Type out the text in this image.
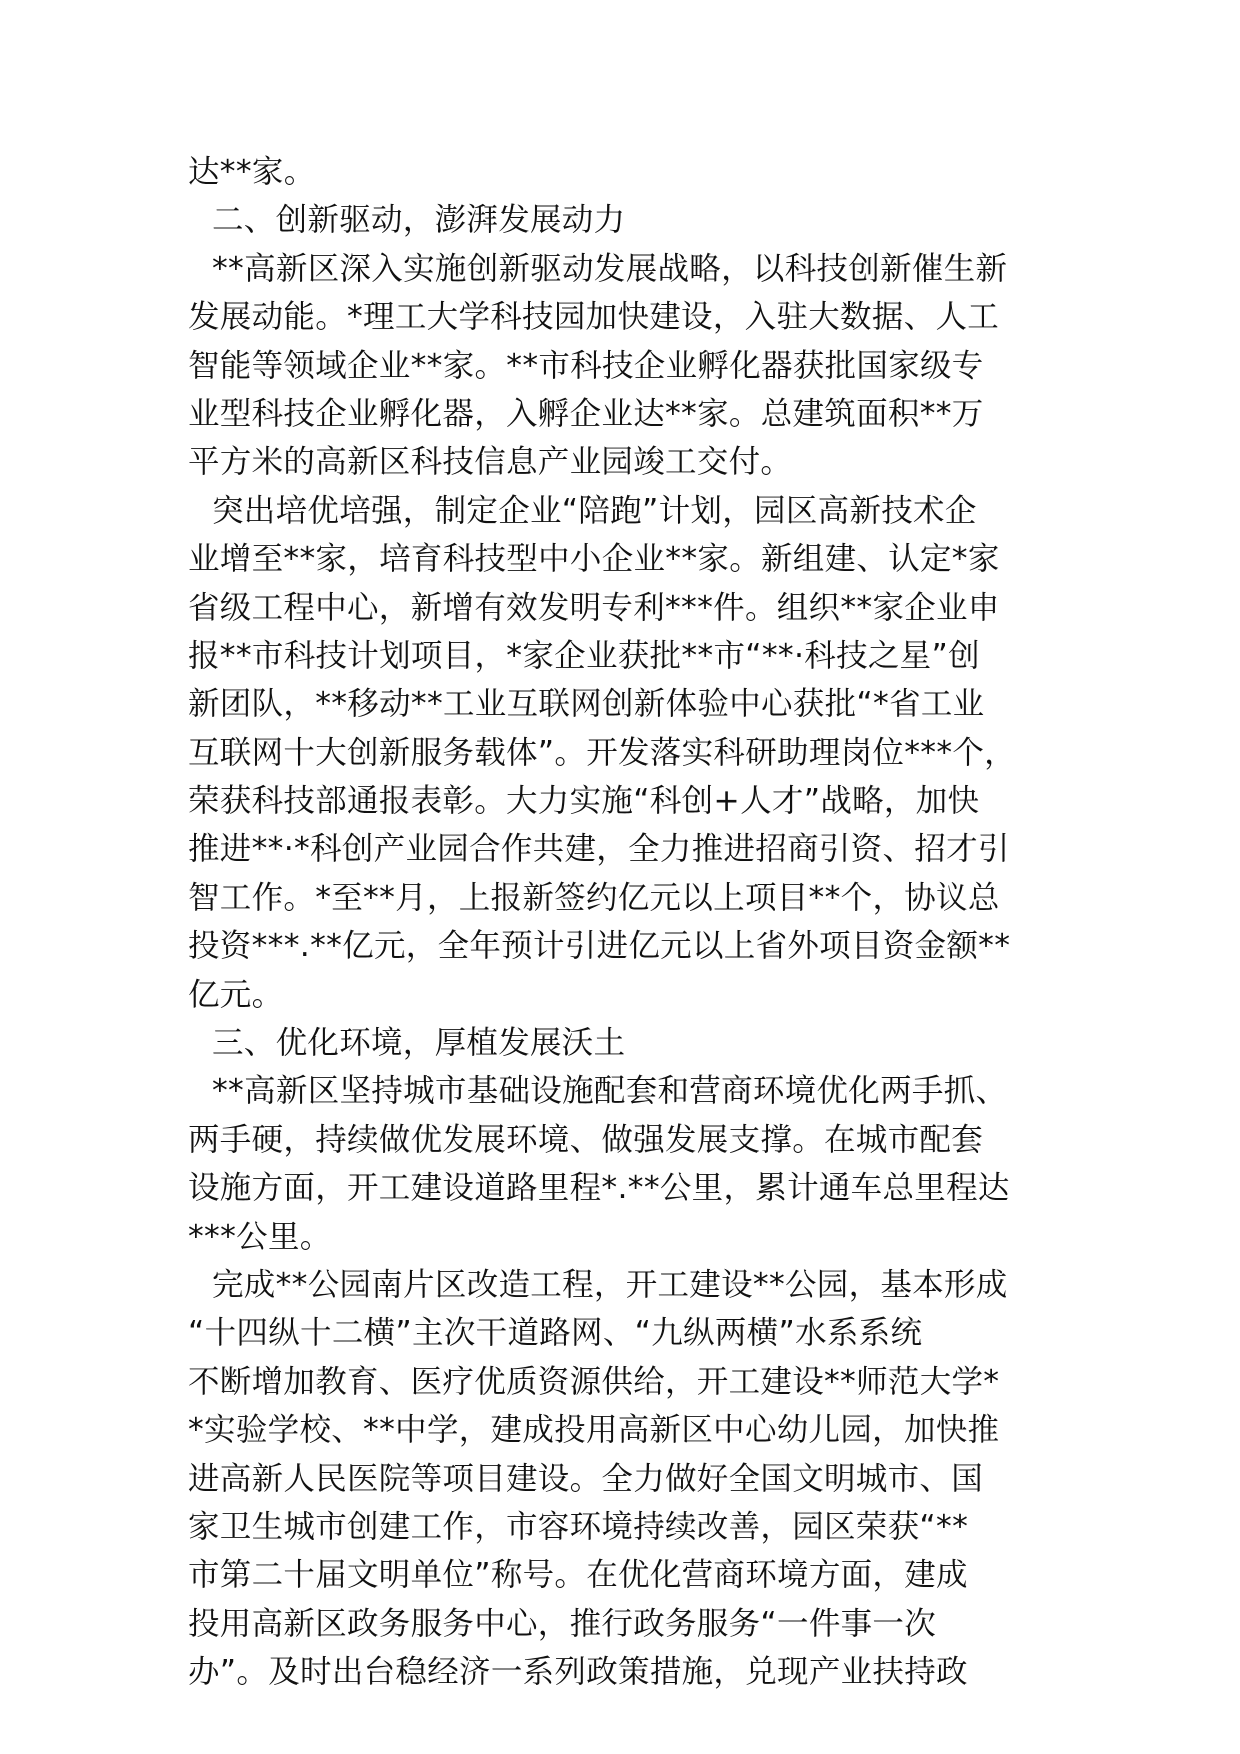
达**家。
二、创新驱动，澎湃发展动力
**高新区深入实施创新驱动发展战略，以科技创新催生新
发展动能。*理工大学科技园加快建设，入驻大数据、人工
智能等领域企业**家。**市科技企业孵化器获批国家级专
业型科技企业孵化器，入孵企业达**家。总建筑面积**万
平方米的高新区科技信息产业园竣工交付。
突出培优培强，制定企业“陪跑”计划，园区高新技术企
业增至**家，培育科技型中小企业**家。新组建、认定*家
省级工程中心，新增有效发明专利***件。组织**家企业申
报**市科技计划项目，*家企业获批**市“**·科技之星”创
新团队，**移动**工业互联网创新体验中心获批“*省工业
互联网十大创新服务载体”。开发落实科研助理岗位***个，
荣获科技部通报表彰。大力实施“科创+人才”战略，加快
推进**·*科创产业园合作共建，全力推进招商引资、招才引
智工作。*至**月，上报新签约亿元以上项目**个，协议总
投资***.**亿元，全年预计引进亿元以上省外项目资金额**
亿元。
三、优化环境，厚植发展沃土
**高新区坚持城市基础设施配套和营商环境优化两手抓、
两手硬，持续做优发展环境、做强发展支撑。在城市配套
设施方面，开工建设道路里程*.**公里，累计通车总里程达
***公里。
完成**公园南片区改造工程，开工建设**公园，基本形成
“十四纵十二横”主次干道路网、“九纵两横”水系系统
不断增加教育、医疗优质资源供给，开工建设**师范大学*
*实验学校、**中学，建成投用高新区中心幼儿园，加快推
进高新人民医院等项目建设。全力做好全国文明城市、国
家卫生城市创建工作，市容环境持续改善，园区荣获“**
市第二十届文明单位”称号。在优化营商环境方面，建成
投用高新区政务服务中心，推行政务服务“一件事一次
办”。及时出台稳经济一系列政策措施，兑现产业扶持政
